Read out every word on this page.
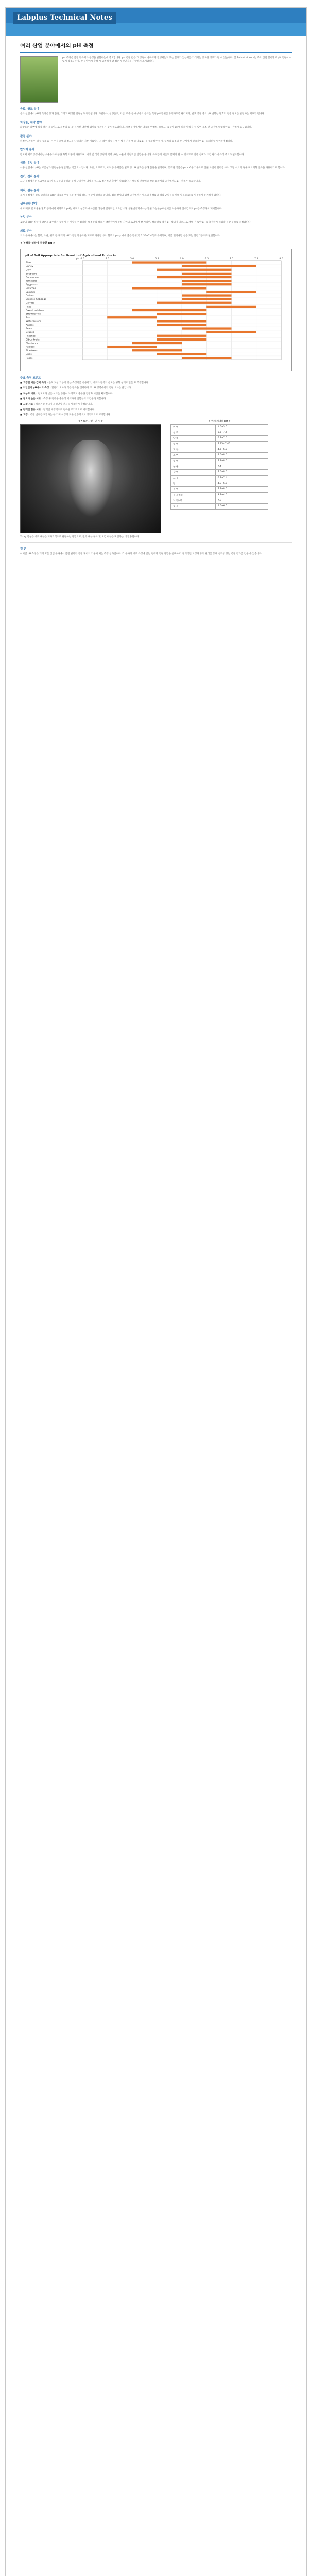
Labplus Technical Notes
여러 산업 분야에서의 pH 측정

pH 측정은 품질의 유지와 공정을 관찰하는데 중요합니다. pH 측정 값은 그 공정이 올바르게 진행되는지 또는 문제가 있는지를 가리키는 중요한 정보가 될 수 있습니다. 본 Technical Note는 주요 산업 분야별로 pH 측정이 어떻게 활용되는지, 각 분야에서 측정 시 고려해야 할 점은 무엇인지를 간략하게 소개합니다.

음료, 양조 분야

음료 산업에서 pH의 측정은 맛과 품질, 그리고 미생물 안정성과 직결됩니다. 과일주스, 청량음료, 와인, 맥주 등 대부분의 음료는 특정 pH 범위를 유지하도록 관리되며, 발효 공정 중의 pH 변화는 발효의 진행 정도를 판단하는 지표가 됩니다.

화장품, 제약 분야

화장품은 피부에 직접 닿는 제품이므로 피부의 pH와 유사한 약산성 범위를 유지하는 것이 중요합니다. 제약 분야에서는 약품의 안정성, 용해도, 효능이 pH에 따라 달라질 수 있어 제조 전 공정에서 엄격한 pH 관리가 요구됩니다.

환경 분야

하천수, 지하수, 폐수 등의 pH는 수질 오염의 정도를 나타내는 기본 지표입니다. 폐수 방류 시에는 법적 기준 범위 내로 pH를 중화해야 하며, 수처리 공정의 각 단계에서 연속적인 pH 모니터링이 이루어집니다.

반도체 분야

반도체 제조 공정에서는 초순수와 다양한 화학 약품이 사용되며, 세정 및 식각 공정의 약액 pH는 수율에 직접적인 영향을 줍니다. 극미량의 이온도 문제가 될 수 있으므로 전극 선택과 오염 관리에 특히 주의가 필요합니다.

식품, 유업 분야

식품 산업에서 pH는 보존성과 안전성을 판단하는 핵심 요소입니다. 우유, 요구르트, 치즈 등 유제품은 발효 중 pH 변화를 통해 품질을 관리하며, 통조림 식품은 pH 4.6을 기준으로 살균 조건이 달라집니다. 고형 시료의 경우 찌르기형 전극을 사용하기도 합니다.

전기, 전자 분야

도금 공정에서는 도금액의 pH가 도금층의 품질과 두께 균일성에 영향을 주므로 정기적인 측정이 필요합니다. 배터리 전해액과 각종 표면처리 공정에서도 pH 관리가 중요합니다.

제지, 섬유 분야

제지 공정에서 펄프 슬러리의 pH는 약품의 반응성과 종이의 강도, 색상에 영향을 줍니다. 섬유 산업의 염색 공정에서는 염료의 흡착률과 색의 균일성을 위해 염욕의 pH를 일정하게 유지해야 합니다.

생명공학 분야

세포 배양 및 미생물 발효 공정에서 배양액의 pH는 세포의 성장과 대사산물 생성에 결정적인 요소입니다. 생물반응기에서는 멸균 가능한 pH 센서를 이용하여 실시간으로 pH를 측정하고 제어합니다.

농업 분야

토양의 pH는 작물이 양분을 흡수하는 능력에 큰 영향을 미칩니다. 대부분의 작물은 약산성에서 중성 사이의 토양에서 잘 자라며, 작물별로 적정 pH 범위가 다르므로 재배 전 토양 pH를 측정하여 석회나 유황 등으로 조정합니다.

의료 분야

의료 분야에서는 혈액, 소변, 위액 등 체액의 pH가 진단의 중요한 지표로 사용됩니다. 혈액의 pH는 매우 좁은 범위(약 7.35~7.45)로 유지되며, 이를 벗어나면 산증 또는 알칼리증으로 판단합니다.

< 농작물 성장에 적합한 pH >
pH of Soil Appropriate for Growth of Agricultural Products
4.0	4.5	5.0	5.5	6.0	6.5	7.0	7.5	8.0
pH
Rice
Barley
Corn
Soybeans
Cucumbers
Tomatoes
Eggplants
Potatoes
Spinach
Onions
Chinese Cabbage
Carrots
Peas
Sweet potatoes
Strawberries
Tea
Watermelons
Apples
Pears
Grapes
Peaches
Citrus fruits
Chestnuts
Azaleas
Pine trees
Lilies
Roses
주요 측정 포인트
■ 고정밀 저온 검체 측정 : 온도 보상 기능이 있는 측정기를 사용하고, 시료와 전극의 온도를 평형 상태로 만든 후 측정합니다.
■ 약알칼리 pH에서의 측정 : 알칼리 오차가 적은 전극을 선택하여 고 pH 영역에서의 측정 오차를 줄입니다.
■ 저농도 시료 : 전도도가 낮은 시료는 응답이 느리므로 충분한 안정화 시간을 확보합니다.
■ 점도가 높은 시료 : 측정 후 전극을 충분히 세척하여 접합부의 오염을 방지합니다.
■ 고형 시료 : 찌르기형 전극이나 평면형 전극을 사용하여 측정합니다.
■ 단백질 함유 시료 : 단백질 세정액으로 전극을 주기적으로 세척합니다.
■ 교정 : 측정 범위를 포함하는 두 가지 이상의 표준 완충액으로 정기적으로 교정합니다.
< X-ray 사진 (연구) >
X-ray 영상은 시료 내부를 비파괴적으로 관찰하는 방법으로, 전극 내부 구조 및 오염 여부를 확인하는 데 활용됩니다.
< 생체 체액의 pH >
위 액	1.5~3.5
침 액	6.5~7.5
담 즙	6.8~7.0
혈 액	7.35~7.45
피 부	4.5~6.0
소 변	4.5~8.0
췌 액	7.8~8.0
눈 물	7.4
장 액	7.5~8.0
모 유	6.8~7.4
땀	4.0~6.8
정 액	7.2~8.0
질 분비물	3.8~4.5
뇌척수액	7.3
콧 물	5.5~6.5
결 론

이처럼 pH 측정은 거의 모든 산업 분야에서 품질 관리와 공정 제어의 기본이 되는 측정 항목입니다. 각 분야의 시료 특성에 맞는 전극과 측정 방법을 선택하고, 정기적인 교정과 유지 관리를 통해 신뢰성 있는 측정 결과를 얻을 수 있습니다.
